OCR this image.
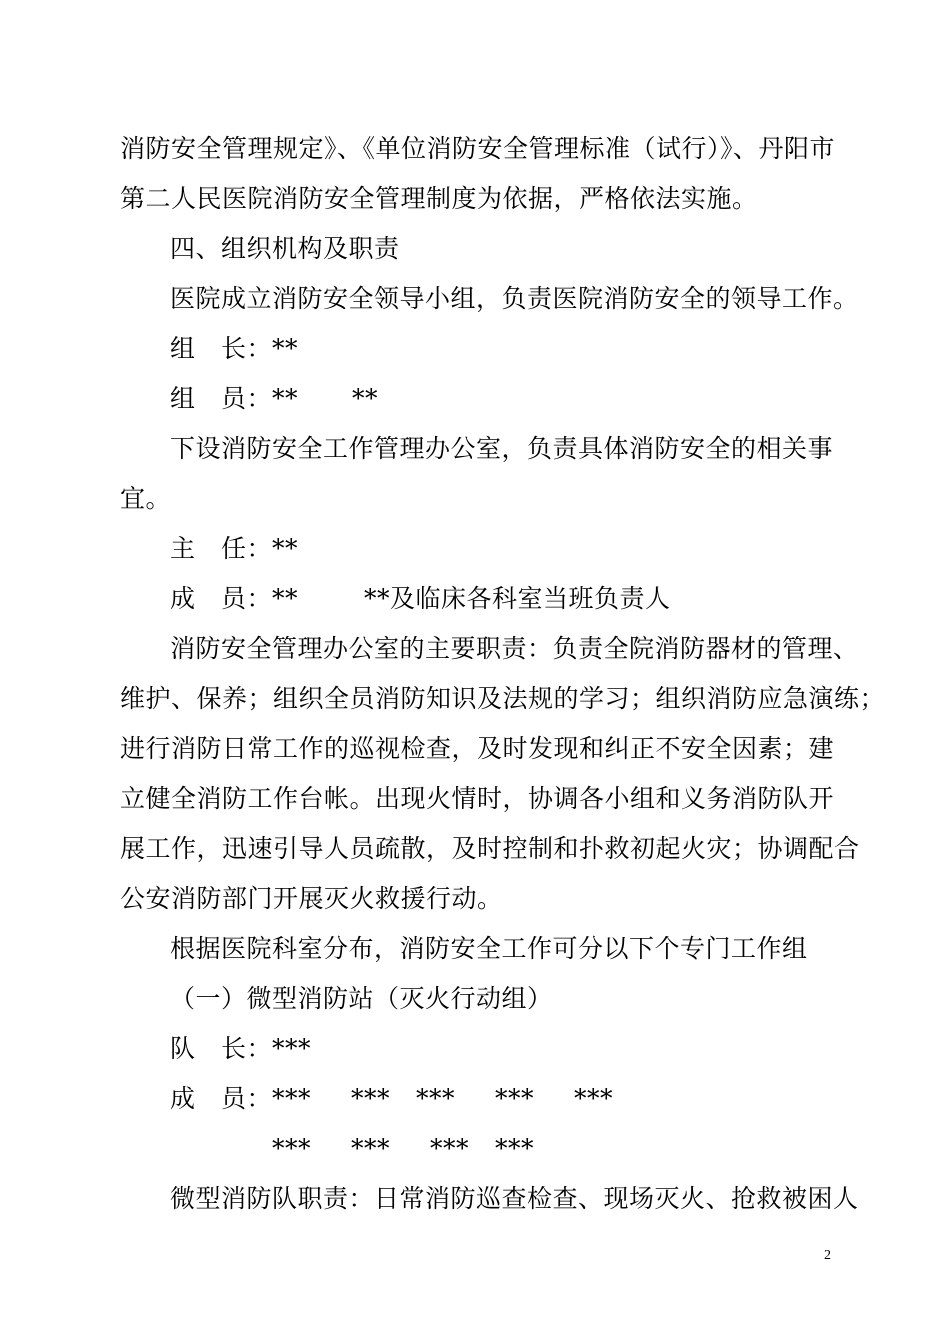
消防安全管理规定》、《单位消防安全管理标准（试行）》、丹阳市
第二人民医院消防安全管理制度为依据，严格依法实施。
四、组织机构及职责
医院成立消防安全领导小组，负责医院消防安全的领导工作。
组　长：**
组　员：** **
下设消防安全工作管理办公室，负责具体消防安全的相关事
宜。
主　任：**
成　员：**	**及临床各科室当班负责人
消防安全管理办公室的主要职责：负责全院消防器材的管理、
维护、保养；组织全员消防知识及法规的学习；组织消防应急演练；
进行消防日常工作的巡视检查，及时发现和纠正不安全因素；建
立健全消防工作台帐。出现火情时，协调各小组和义务消防队开
展工作，迅速引导人员疏散，及时控制和扑救初起火灾；协调配合
公安消防部门开展灭火救援行动。
根据医院科室分布，消防安全工作可分以下个专门工作组
（一）微型消防站（灭火行动组）
队　长：***
成　员：*** *** *** *** ***
*** *** *** ***
微型消防队职责：日常消防巡查检查、现场灭火、抢救被困人
2
